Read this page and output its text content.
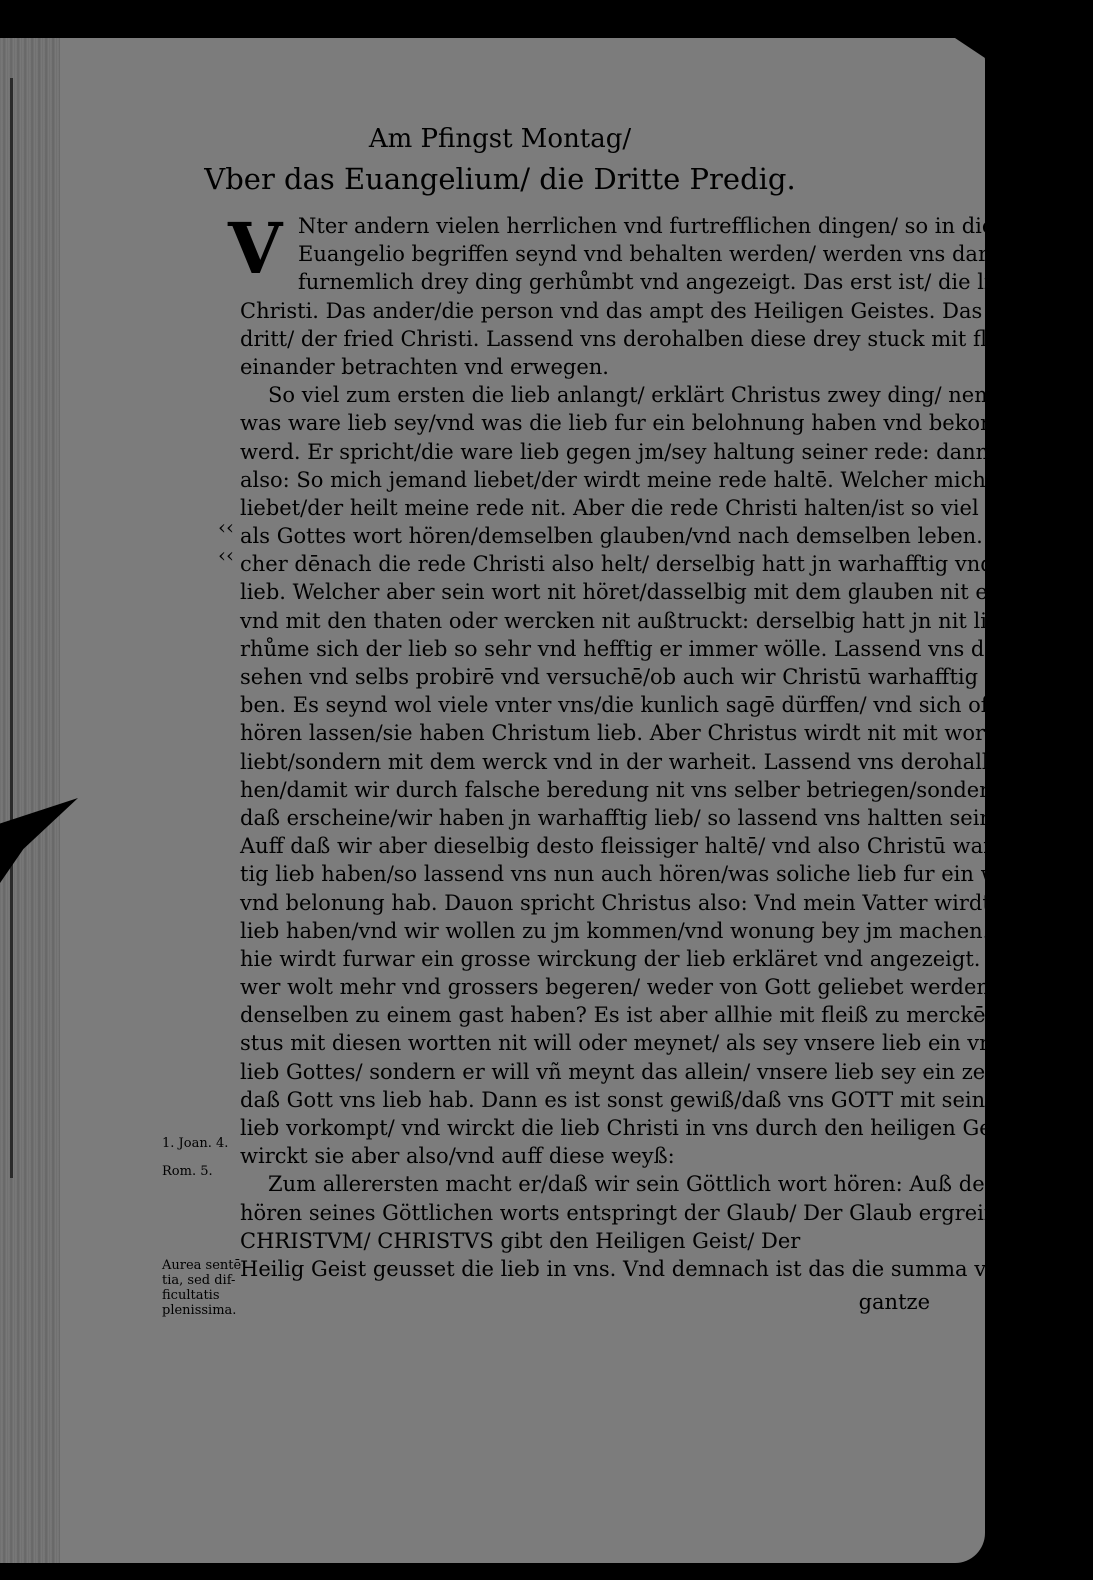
Am Pfingst Montag/
Vber das Euangelium/ die Dritte Predig.
V Nter andern vielen herrlichen vnd furtrefflichen dingen/ so in diesem
Euangelio begriffen seynd vnd behalten werden/ werden vns darin
furnemlich drey ding gerhůmbt vnd angezeigt. Das erst ist/ die lieb
Christi. Das ander/die person vnd das ampt des Heiligen Geistes. Das
dritt/ der fried Christi. Lassend vns derohalben diese drey stuck mit fleiß nach-
einander betrachten vnd erwegen.
So viel zum ersten die lieb anlangt/ erklärt Christus zwey ding/ nemlich
was ware lieb sey/vnd was die lieb fur ein belohnung haben vnd bekommen
werd. Er spricht/die ware lieb gegen jm/sey haltung seiner rede: dann er sagt
also: So mich jemand liebet/der wirdt meine rede haltē. Welcher mich nit
liebet/der heilt meine rede nit. Aber die rede Christi halten/ist so viel gesagt/
als Gottes wort hören/demselben glauben/vnd nach demselben leben. Wel-
cher dēnach die rede Christi also helt/ derselbig hatt jn warhafftig vnd recht
lieb. Welcher aber sein wort nit höret/dasselbig mit dem glauben nit ergreifft/
vnd mit den thaten oder wercken nit außtruckt: derselbig hatt jn nit lieb/ er
rhůme sich der lieb so sehr vnd hefftig er immer wölle. Lassend vns derhalben
sehen vnd selbs probirē vnd versuchē/ob auch wir Christū warhafftig lieb ha-
ben. Es seynd wol viele vnter vns/die kunlich sagē dürffen/ vnd sich offentlich
hören lassen/sie haben Christum lieb. Aber Christus wirdt nit mit wortten ge-
liebt/sondern mit dem werck vnd in der warheit. Lassend vns derohalbē zuse-
hen/damit wir durch falsche beredung nit vns selber betriegen/sondern auff
daß erscheine/wir haben jn warhafftig lieb/ so lassend vns haltten seine rede.
Auff daß wir aber dieselbig desto fleissiger haltē/ vnd also Christū warhaff-
tig lieb haben/so lassend vns nun auch hören/was soliche lieb fur ein wirckūg
vnd belonung hab. Dauon spricht Christus also: Vnd mein Vatter wirdt jn
lieb haben/vnd wir wollen zu jm kommen/vnd wonung bey jm machen. Al-
hie wirdt furwar ein grosse wirckung der lieb erkläret vnd angezeigt. Dann
wer wolt mehr vnd grossers begeren/ weder von Gott geliebet werden/ vnd
denselben zu einem gast haben? Es ist aber allhie mit fleiß zu merckē/daß Chri-
stus mit diesen wortten nit will oder meynet/ als sey vnsere lieb ein vrsach der
lieb Gottes/ sondern er will vñ meynt das allein/ vnsere lieb sey ein zeugnus/
daß Gott vns lieb hab. Dann es ist sonst gewiß/daß vns GOTT mit seiner
lieb vorkompt/ vnd wirckt die lieb Christi in vns durch den heiligen Geist. Er
wirckt sie aber also/vnd auff diese weyß:
Zum allerersten macht er/daß wir sein Göttlich wort hören: Auß dem
hören seines Göttlichen worts entspringt der Glaub/ Der Glaub ergreifft
CHRISTVM/ CHRISTVS gibt den Heiligen Geist/ Der
Heilig Geist geusset die lieb in vns. Vnd demnach ist das die summa vnd
‹‹
‹‹
1. Joan. 4.
Rom. 5.
Aurea sentē
tia, sed dif-
ficultatis
plenissima.	gantze
